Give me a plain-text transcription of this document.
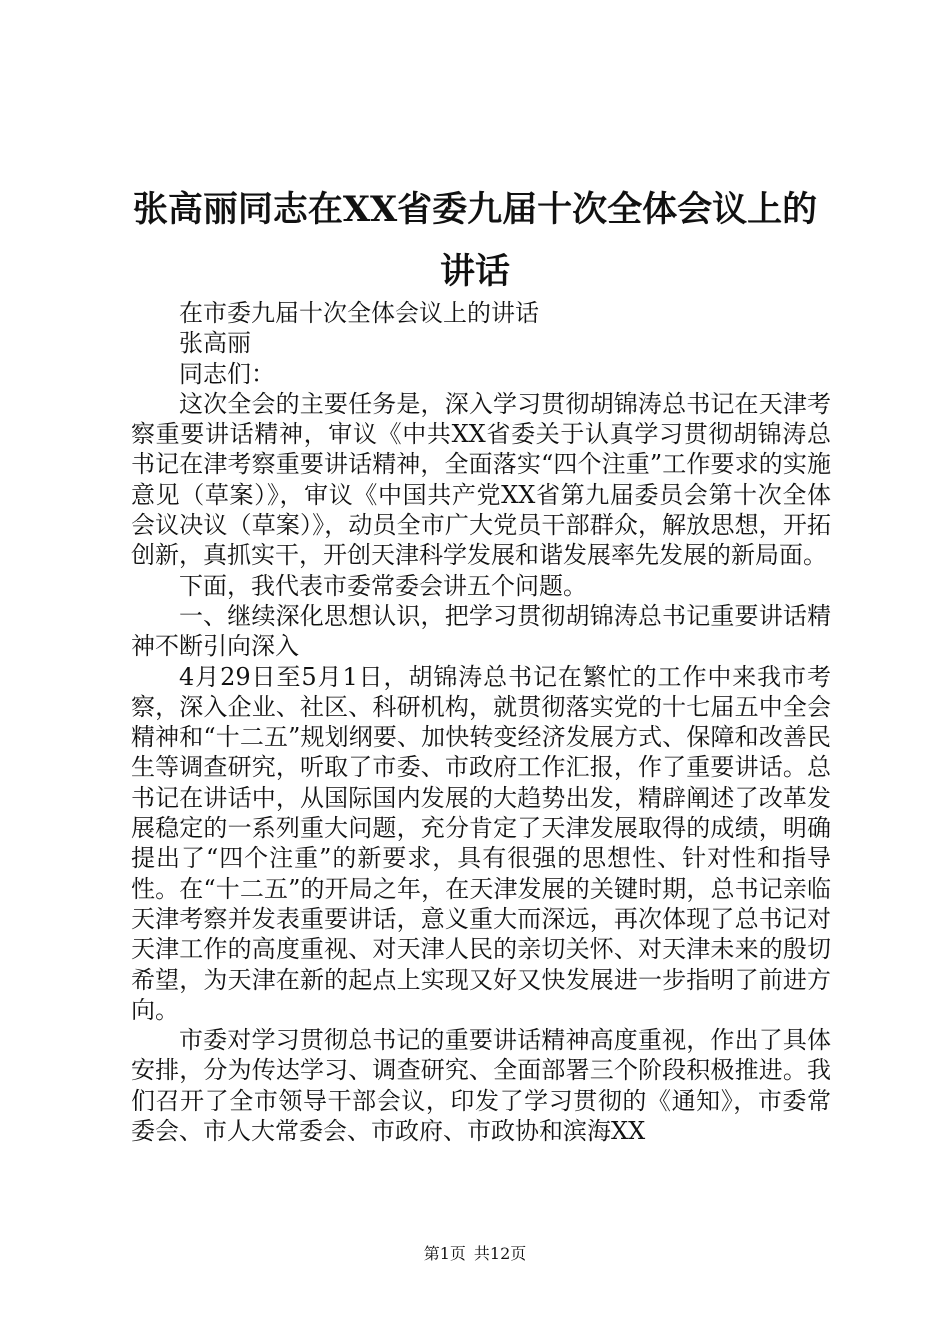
张高丽同志在XX省委九届十次全体会议上的
讲话

在市委九届十次全体会议上的讲话

张高丽

同志们：

这次全会的主要任务是，深入学习贯彻胡锦涛总书记在天津考察重要讲话精神，审议《中共XX省委关于认真学习贯彻胡锦涛总书记在津考察重要讲话精神，全面落实“四个注重”工作要求的实施意见（草案）》，审议《中国共产党XX省第九届委员会第十次全体会议决议（草案）》，动员全市广大党员干部群众，解放思想，开拓创新，真抓实干，开创天津科学发展和谐发展率先发展的新局面。

下面，我代表市委常委会讲五个问题。

一、继续深化思想认识，把学习贯彻胡锦涛总书记重要讲话精神不断引向深入

4月29日至5月1日，胡锦涛总书记在繁忙的工作中来我市考察，深入企业、社区、科研机构，就贯彻落实党的十七届五中全会精神和“十二五”规划纲要、加快转变经济发展方式、保障和改善民生等调查研究，听取了市委、市政府工作汇报，作了重要讲话。总书记在讲话中，从国际国内发展的大趋势出发，精辟阐述了改革发展稳定的一系列重大问题，充分肯定了天津发展取得的成绩，明确提出了“四个注重”的新要求，具有很强的思想性、针对性和指导性。在“十二五”的开局之年，在天津发展的关键时期，总书记亲临天津考察并发表重要讲话，意义重大而深远，再次体现了总书记对天津工作的高度重视、对天津人民的亲切关怀、对天津未来的殷切希望，为天津在新的起点上实现又好又快发展进一步指明了前进方向。

市委对学习贯彻总书记的重要讲话精神高度重视，作出了具体安排，分为传达学习、调查研究、全面部署三个阶段积极推进。我们召开了全市领导干部会议，印发了学习贯彻的《通知》，市委常委会、市人大常委会、市政府、市政协和滨海XX

第1页 共12页
